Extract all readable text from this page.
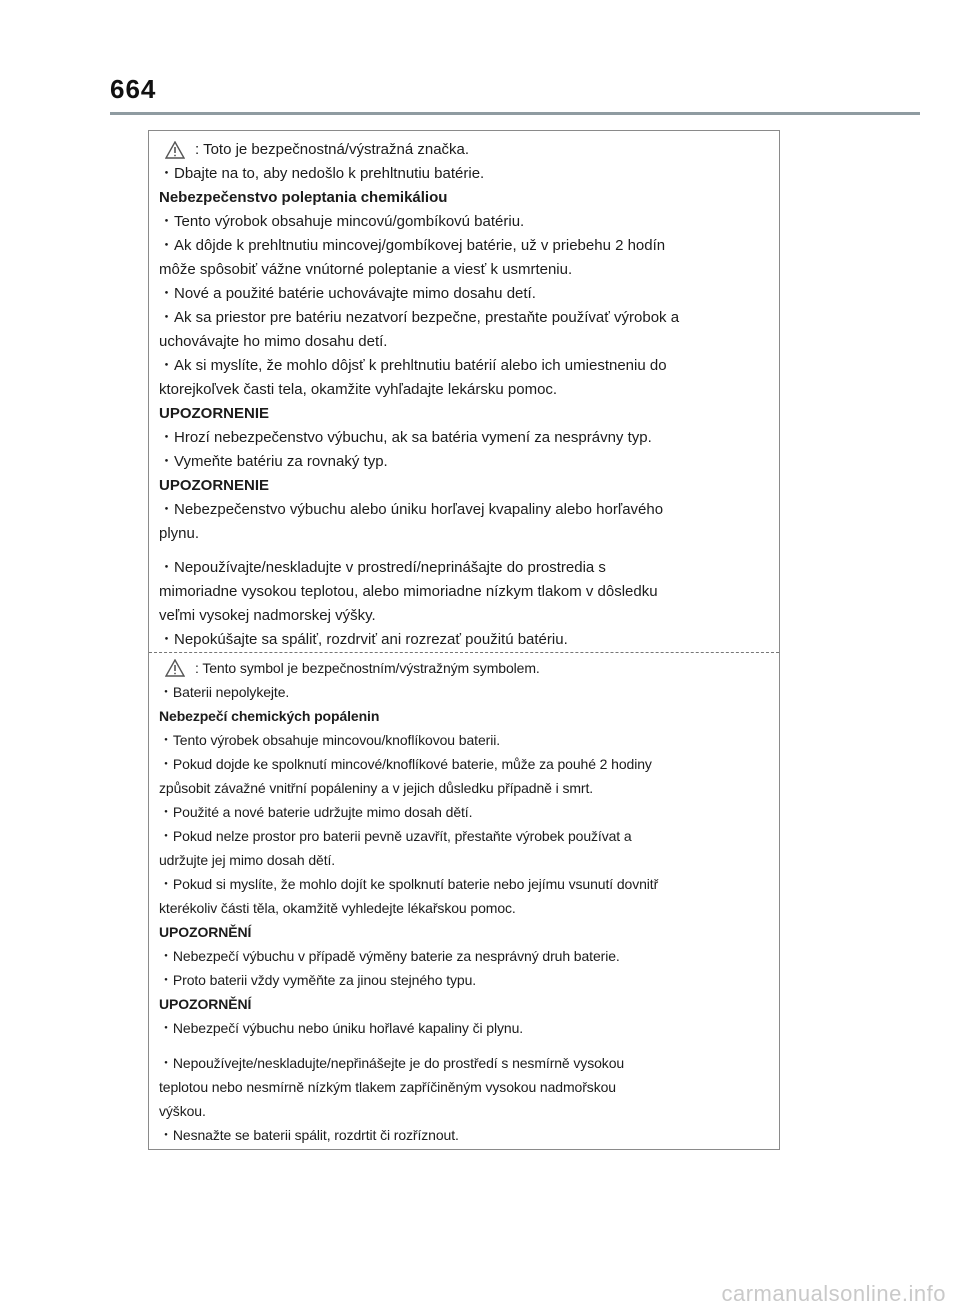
664
: Toto je bezpečnostná/výstražná značka.
・Dbajte na to, aby nedošlo k prehltnutiu batérie.
Nebezpečenstvo poleptania chemikáliou
・Tento výrobok obsahuje mincovú/gombíkovú batériu.
・Ak dôjde k prehltnutiu mincovej/gombíkovej batérie, už v priebehu 2 hodín
môže spôsobiť vážne vnútorné poleptanie a viesť k usmrteniu.
・Nové a použité batérie uchovávajte mimo dosahu detí.
・Ak sa priestor pre batériu nezatvorí bezpečne, prestaňte používať výrobok a
uchovávajte ho mimo dosahu detí.
・Ak si myslíte, že mohlo dôjsť k prehltnutiu batérií alebo ich umiestneniu do
ktorejkoľvek časti tela, okamžite vyhľadajte lekársku pomoc.
UPOZORNENIE
・Hrozí nebezpečenstvo výbuchu, ak sa batéria vymení za nesprávny typ.
・Vymeňte batériu za rovnaký typ.
UPOZORNENIE
・Nebezpečenstvo výbuchu alebo úniku horľavej kvapaliny alebo horľavého
plynu.
・Nepoužívajte/neskladujte v prostredí/neprinášajte do prostredia s
mimoriadne vysokou teplotou, alebo mimoriadne nízkym tlakom v dôsledku
veľmi vysokej nadmorskej výšky.
・Nepokúšajte sa spáliť, rozdrviť ani rozrezať použitú batériu.
: Tento symbol je bezpečnostním/výstražným symbolem.
・Baterii nepolykejte.
Nebezpečí chemických popálenin
・Tento výrobek obsahuje mincovou/knoflíkovou baterii.
・Pokud dojde ke spolknutí mincové/knoflíkové baterie, může za pouhé 2 hodiny
způsobit závažné vnitřní popáleniny a v jejich důsledku případně i smrt.
・Použité a nové baterie udržujte mimo dosah dětí.
・Pokud nelze prostor pro baterii pevně uzavřít, přestaňte výrobek používat a
udržujte jej mimo dosah dětí.
・Pokud si myslíte, že mohlo dojít ke spolknutí baterie nebo jejímu vsunutí dovnitř
kterékoliv části těla, okamžitě vyhledejte lékařskou pomoc.
UPOZORNĚNÍ
・Nebezpečí výbuchu v případě výměny baterie za nesprávný druh baterie.
・Proto baterii vždy vyměňte za jinou stejného typu.
UPOZORNĚNÍ
・Nebezpečí výbuchu nebo úniku hořlavé kapaliny či plynu.
・Nepoužívejte/neskladujte/nepřinášejte je do prostředí s nesmírně vysokou
teplotou nebo nesmírně nízkým tlakem zapříčiněným vysokou nadmořskou
výškou.
・Nesnažte se baterii spálit, rozdrtit či rozříznout.
carmanualsonline.info
